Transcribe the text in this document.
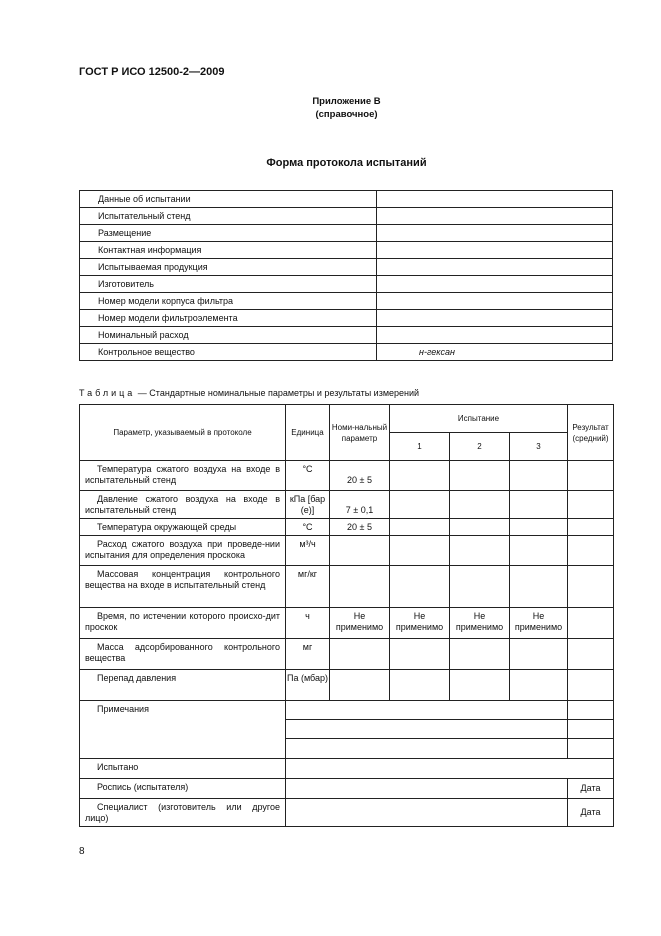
ГОСТ Р ИСО 12500-2—2009
Приложение В
(справочное)
Форма протокола испытаний
Данные об испытании	
Испытательный стенд	
Размещение	
Контактная информация	
Испытываемая продукция	
Изготовитель	
Номер модели корпуса фильтра	
Номер модели фильтроэлемента	
Номинальный расход	
Контрольное вещество	н-гексан
Таблица — Стандартные номинальные параметры и результаты измерений
Параметр, указываемый в протоколе	Единица	Номи-нальный параметр	Испытание			Результат (средний)
			1	2	3	

Температура сжатого воздуха на входе в испытательный стенд	°С	20 ± 5				

Давление сжатого воздуха на входе в испытательный стенд	кПа [бар (е)]	7 ± 0,1				

Температура окружающей среды	°С	20 ± 5				

Расход сжатого воздуха при проведе-нии испытания для определения проскока	м³/ч					

Массовая концентрация контрольного вещества на входе в испытательный стенд	мг/кг					

Время, по истечении которого происхо-дит проскок	ч	Не применимо	Не применимо	Не применимо	Не применимо	

Масса адсорбированного контрольного вещества	мг					

Перепад давления	Па (мбар)					

Примечания						

Испытано						

Роспись (испытателя)						Дата

Специалист (изготовитель или другое лицо)						Дата
8
